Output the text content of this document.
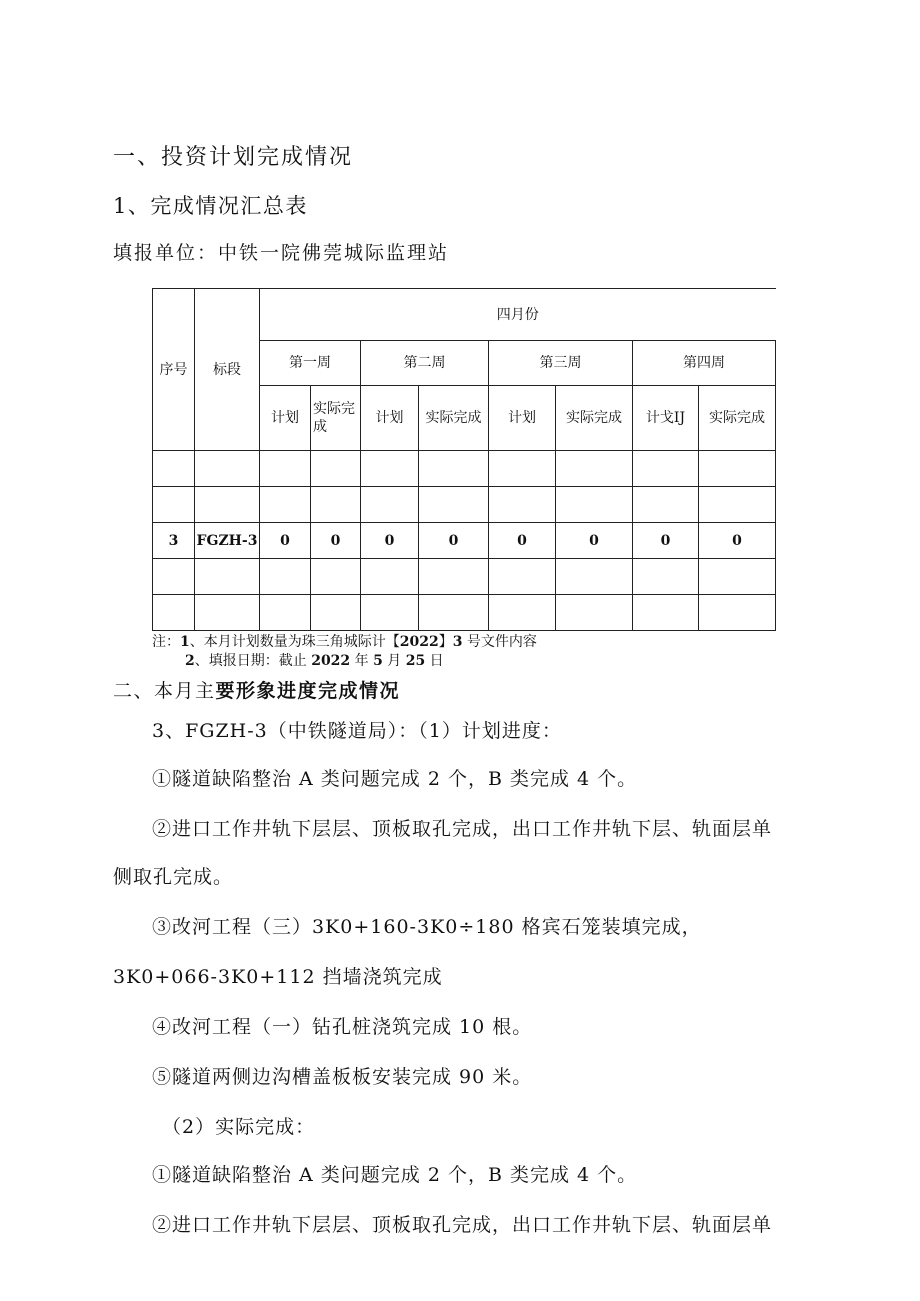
一、投资计划完成情况
1、完成情况汇总表
填报单位：中铁一院佛莞城际监理站
序号	标段	四月份							
		第一周		第二周		第三周		第四周	
		计划	实际完成	计划	实际完成	计划	实际完成	计戈IJ	实际完成

3	FGZH-3	0	0	0	0	0	0	0	0

注：1、本月计划数量为珠三角城际计【2022】3 号文件内容
2、填报日期：截止 2022 年 5 月 25 日
二、本月主要形象进度完成情况
3、FGZH-3（中铁隧道局）：（1）计划进度：
①隧道缺陷整治 A 类问题完成 2 个，B 类完成 4 个。
②进口工作井轨下层层、顶板取孔完成，出口工作井轨下层、轨面层单
侧取孔完成。
③改河工程（三）3K0+160-3K0÷180 格宾石笼装填完成，
3K0+066-3K0+112 挡墙浇筑完成
④改河工程（一）钻孔桩浇筑完成 10 根。
⑤隧道两侧边沟槽盖板板安装完成 90 米。
（2）实际完成：
①隧道缺陷整治 A 类问题完成 2 个，B 类完成 4 个。
②进口工作井轨下层层、顶板取孔完成，出口工作井轨下层、轨面层单
